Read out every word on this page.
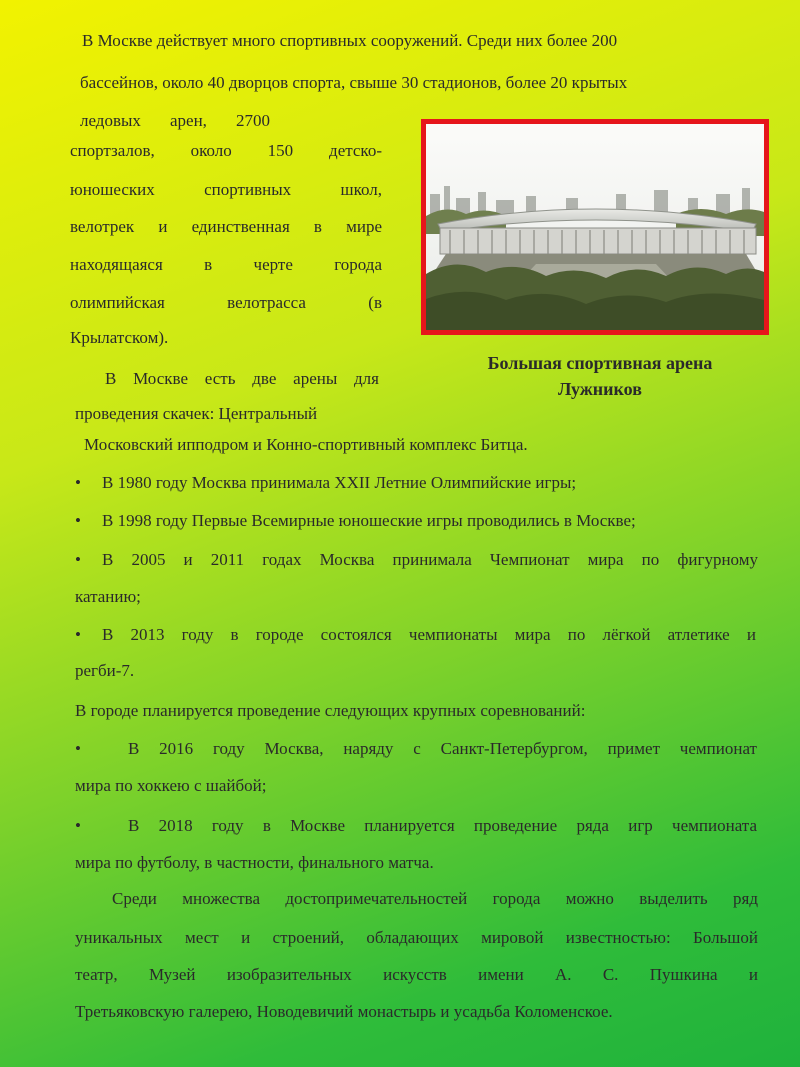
В Москве действует много спортивных сооружений. Среди них более 200
бассейнов, около 40 дворцов спорта, свыше 30 стадионов, более 20 крытых
ледовых арен, 2700
спортзалов, около 150 детско-
юношеских спортивных школ,
велотрек и единственная в мире
находящаяся в черте города
олимпийская велотрасса (в
Крылатском).
В Москве есть две арены для
проведения скачек: Центральный
Московский ипподром и Конно-спортивный комплекс Битца.
Большая спортивная арена
Лужников
• В 1980 году Москва принимала XXII Летние Олимпийские игры;
• В 1998 году Первые Всемирные юношеские игры проводились в Москве;
• В 2005 и 2011 годах Москва принимала Чемпионат мира по фигурному
катанию;
• В 2013 году в городе состоялся чемпионаты мира по лёгкой атлетике и
регби-7.
В городе планируется проведение следующих крупных соревнований:
•	В 2016 году Москва, наряду с Санкт-Петербургом, примет чемпионат
мира по хоккею с шайбой;
•	В 2018 году в Москве планируется проведение ряда игр чемпионата
мира по футболу, в частности, финального матча.
Среди множества достопримечательностей города можно выделить ряд
уникальных мест и строений, обладающих мировой известностью: Большой
театр, Музей изобразительных искусств имени А. С. Пушкина и
Третьяковскую галерею, Новодевичий монастырь и усадьба Коломенское.
